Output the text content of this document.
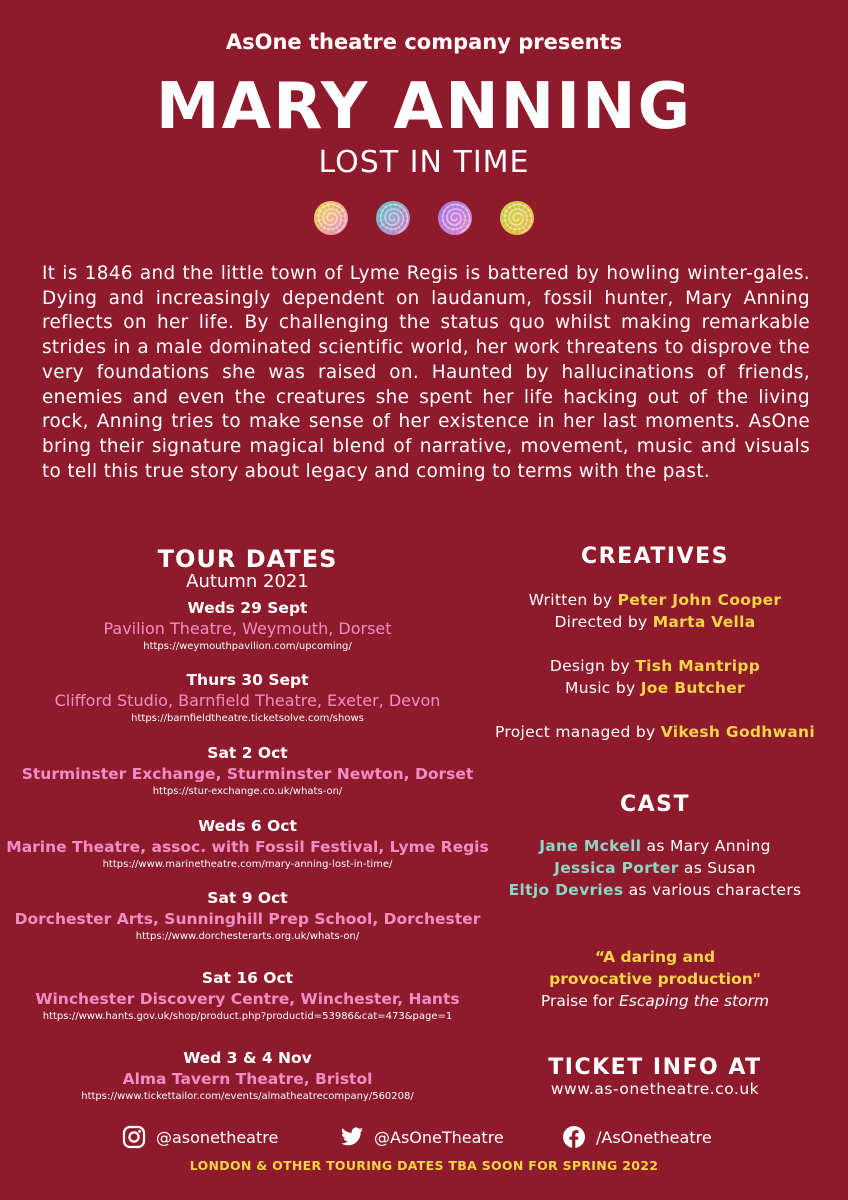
AsOne theatre company presents
MARY ANNING
LOST IN TIME

It is 1846 and the little town of Lyme Regis is battered by howling winter-gales. Dying and increasingly dependent on laudanum, fossil hunter, Mary Anning reflects on her life. By challenging the status quo whilst making remarkable strides in a male dominated scientific world, her work threatens to disprove the very foundations she was raised on. Haunted by hallucinations of friends, enemies and even the creatures she spent her life hacking out of the living rock, Anning tries to make sense of her existence in her last moments. AsOne bring their signature magical blend of narrative, movement, music and visuals to tell this true story about legacy and coming to terms with the past.

TOUR DATES
Autumn 2021
Weds 29 Sept
Pavilion Theatre, Weymouth, Dorset
https://weymouthpavilion.com/upcoming/
Thurs 30 Sept
Clifford Studio, Barnfield Theatre, Exeter, Devon
https://barnfieldtheatre.ticketsolve.com/shows
Sat 2 Oct
Sturminster Exchange, Sturminster Newton, Dorset
https://stur-exchange.co.uk/whats-on/
Weds 6 Oct
Marine Theatre, assoc. with Fossil Festival, Lyme Regis
https://www.marinetheatre.com/mary-anning-lost-in-time/
Sat 9 Oct
Dorchester Arts, Sunninghill Prep School, Dorchester
https://www.dorchesterarts.org.uk/whats-on/
Sat 16 Oct
Winchester Discovery Centre, Winchester, Hants
https://www.hants.gov.uk/shop/product.php?productid=53986&cat=473&page=1
Wed 3 & 4 Nov
Alma Tavern Theatre, Bristol
https://www.tickettailor.com/events/almatheatrecompany/560208/
CREATIVES
Written by Peter John Cooper
Directed by Marta Vella
Design by Tish Mantripp
Music by Joe Butcher
Project managed by Vikesh Godhwani
CAST
Jane Mckell as Mary Anning
Jessica Porter as Susan
Eltjo Devries as various characters
“A daring and
provocative production"
Praise for Escaping the storm
TICKET INFO AT
www.as-onetheatre.co.uk
@asonetheatre	@AsOneTheatre	/AsOnetheatre
LONDON & OTHER TOURING DATES TBA SOON FOR SPRING 2022
